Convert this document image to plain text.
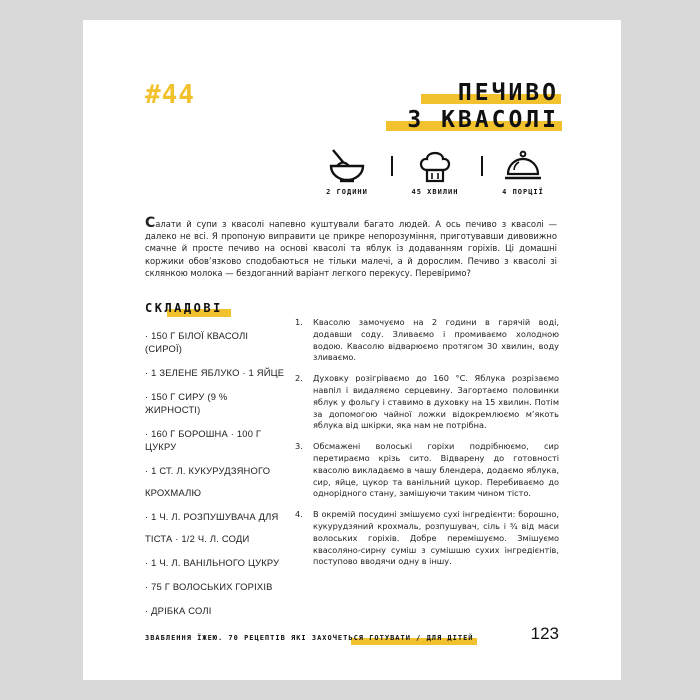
#44	ПЕЧИВО
З КВАСОЛІ
2 ГОДИНИ	45 ХВИЛИН	4 ПОРЦІЇ

Салати й супи з квасолі напевно куштували багато людей. А ось печиво з квасолі — далеко не всі. Я пропоную виправити це прикре непорозуміння, приготувавши дивовижно смачне й просте печиво на основі квасолі та яблук із додаванням горіхів. Ці домашні коржики обов’язково сподобаються не тільки малечі, а й дорослим. Печиво з квасолі зі склянкою молока — бездоганний варіант легкого перекусу. Перевіримо?

СКЛАДОВІ
· 150 Г БІЛОЇ КВАСОЛІ (СИРОЇ)
· 1 ЗЕЛЕНЕ ЯБЛУКО · 1 ЯЙЦЕ
· 150 Г СИРУ (9 % ЖИРНОСТІ)
· 160 Г БОРОШНА · 100 Г ЦУКРУ
· 1 СТ. Л. КУКУРУДЗЯНОГО
КРОХМАЛЮ
· 1 Ч. Л. РОЗПУШУВАЧА ДЛЯ
ТІСТА · 1/2 Ч. Л. СОДИ
· 1 Ч. Л. ВАНІЛЬНОГО ЦУКРУ
· 75 Г ВОЛОСЬКИХ ГОРІХІВ
· ДРІБКА СОЛІ
1. Квасолю замочуємо на 2 години в гарячій воді, додавши соду. Зливаємо і промиваємо холодною водою. Квасолю відварюємо протягом 30 хвилин, воду зливаємо.
2. Духовку розігріваємо до 160 °С. Яблука розрізаємо навпіл і видаляємо серцевину. Загортаємо половинки яблук у фольгу і ставимо в духовку на 15 хвилин. Потім за допомогою чайної ложки відокремлюємо м’якоть яблука від шкірки, яка нам не потрібна.
3. Обсмажені волоські горіхи подрібнюємо, сир перетираємо крізь сито. Відварену до готовності квасолю викладаємо в чашу блендера, додаємо яблука, сир, яйце, цукор та ванільний цукор. Перебиваємо до однорідного стану, замішуючи таким чином тісто.
4. В окремій посудині змішуємо сухі інгредієнти: борошно, кукурудзяний крохмаль, розпушувач, сіль і ¾ від маси волоських горіхів. Добре перемішуємо. Змішуємо квасоляно-сирну суміш з сумішшю сухих інгредієнтів, поступово вводячи одну в іншу.
ЗВАБЛЕННЯ ЇЖЕЮ. 70 РЕЦЕПТІВ ЯКІ ЗАХОЧЕТЬСЯ ГОТУВАТИ / ДЛЯ ДІТЕЙ	123
